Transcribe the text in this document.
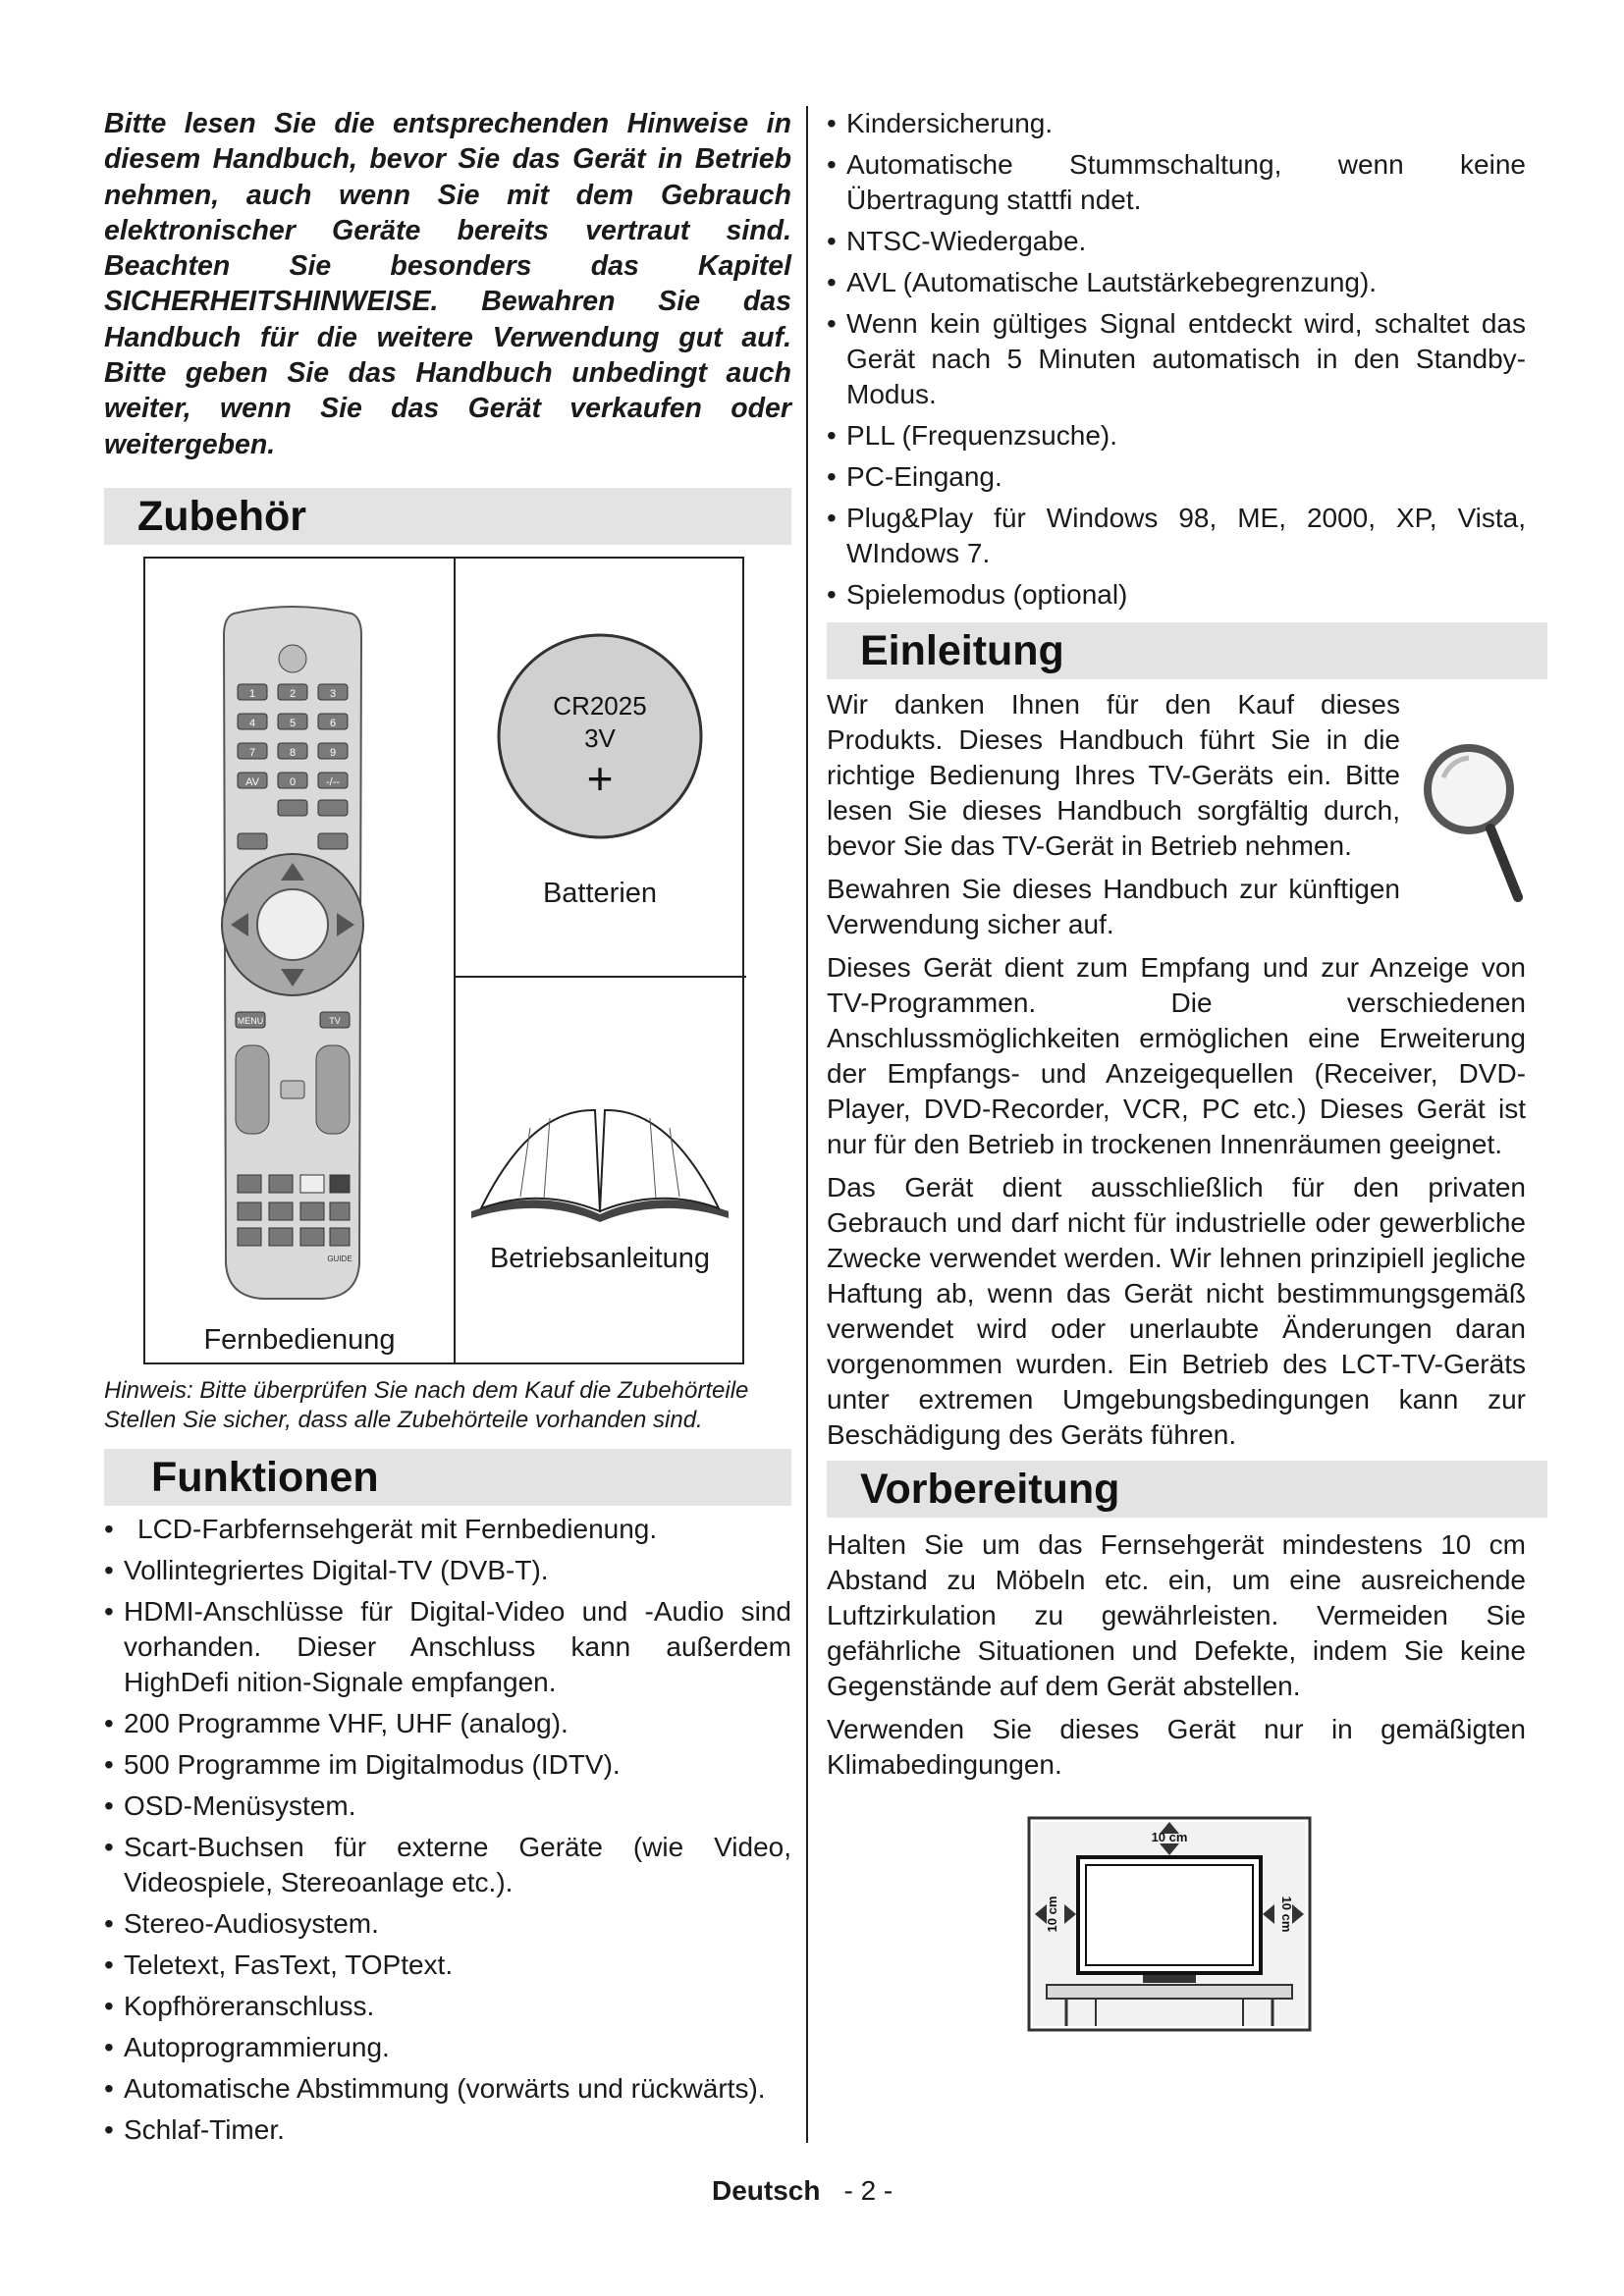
Bitte lesen Sie die entsprechenden Hinweise in diesem Handbuch, bevor Sie das Gerät in Betrieb nehmen, auch wenn Sie mit dem Gebrauch elektronischer Geräte bereits vertraut sind. Beachten Sie besonders das Kapitel SICHERHEITSHINWEISE. Bewahren Sie das Handbuch für die weitere Verwendung gut auf. Bitte geben Sie das Handbuch unbedingt auch weiter, wenn Sie das Gerät verkaufen oder weitergeben.

Zubehör
1	2	3
4	5	6
7	8	9
AV	0	-/--
MENU	TV
GUIDE
Fernbedienung
CR2025
3V
+
Batterien
Betriebsanleitung
Hinweis: Bitte überprüfen Sie nach dem Kauf die Zubehörteile
Stellen Sie sicher, dass alle Zubehörteile vorhanden sind.
Funktionen
• LCD-Farbfernsehgerät mit Fernbedienung.
• Vollintegriertes Digital-TV (DVB-T).
• HDMI-Anschlüsse für Digital-Video und -Audio sind vorhanden. Dieser Anschluss kann außerdem HighDefi nition-Signale empfangen.
• 200 Programme VHF, UHF (analog).
• 500 Programme im Digitalmodus (IDTV).
• OSD-Menüsystem.
• Scart-Buchsen für externe Geräte (wie Video, Videospiele, Stereoanlage etc.).
• Stereo-Audiosystem.
• Teletext, FasText, TOPtext.
• Kopfhöreranschluss.
• Autoprogrammierung.
• Automatische Abstimmung (vorwärts und rückwärts).
• Schlaf-Timer.
• Kindersicherung.
• Automatische Stummschaltung, wenn keine Übertragung stattfi ndet.
• NTSC-Wiedergabe.
• AVL (Automatische Lautstärkebegrenzung).
• Wenn kein gültiges Signal entdeckt wird, schaltet das Gerät nach 5 Minuten automatisch in den Standby-Modus.
• PLL (Frequenzsuche).
• PC-Eingang.
• Plug&Play für Windows 98, ME, 2000, XP, Vista, WIndows 7.
• Spielemodus (optional)
Einleitung

Wir danken Ihnen für den Kauf dieses Produkts. Dieses Handbuch führt Sie in die richtige Bedienung Ihres TV-Geräts ein. Bitte lesen Sie dieses Handbuch sorgfältig durch, bevor Sie das TV-Gerät in Betrieb nehmen.

Bewahren Sie dieses Handbuch zur künftigen Verwendung sicher auf.

Dieses Gerät dient zum Empfang und zur Anzeige von TV-Programmen. Die verschiedenen Anschlussmöglichkeiten ermöglichen eine Erweiterung der Empfangs- und Anzeigequellen (Receiver, DVD-Player, DVD-Recorder, VCR, PC etc.) Dieses Gerät ist nur für den Betrieb in trockenen Innenräumen geeignet.

Das Gerät dient ausschließlich für den privaten Gebrauch und darf nicht für industrielle oder gewerbliche Zwecke verwendet werden. Wir lehnen prinzipiell jegliche Haftung ab, wenn das Gerät nicht bestimmungsgemäß verwendet wird oder unerlaubte Änderungen daran vorgenommen wurden. Ein Betrieb des LCT-TV-Geräts unter extremen Umgebungsbedingungen kann zur Beschädigung des Geräts führen.

Vorbereitung

Halten Sie um das Fernsehgerät mindestens 10 cm Abstand zu Möbeln etc. ein, um eine ausreichende Luftzirkulation zu gewährleisten. Vermeiden Sie gefährliche Situationen und Defekte, indem Sie keine Gegenstände auf dem Gerät abstellen.

Verwenden Sie dieses Gerät nur in gemäßigten Klimabedingungen.

10 cm
10 cm	10 cm
Deutsch - 2 -
